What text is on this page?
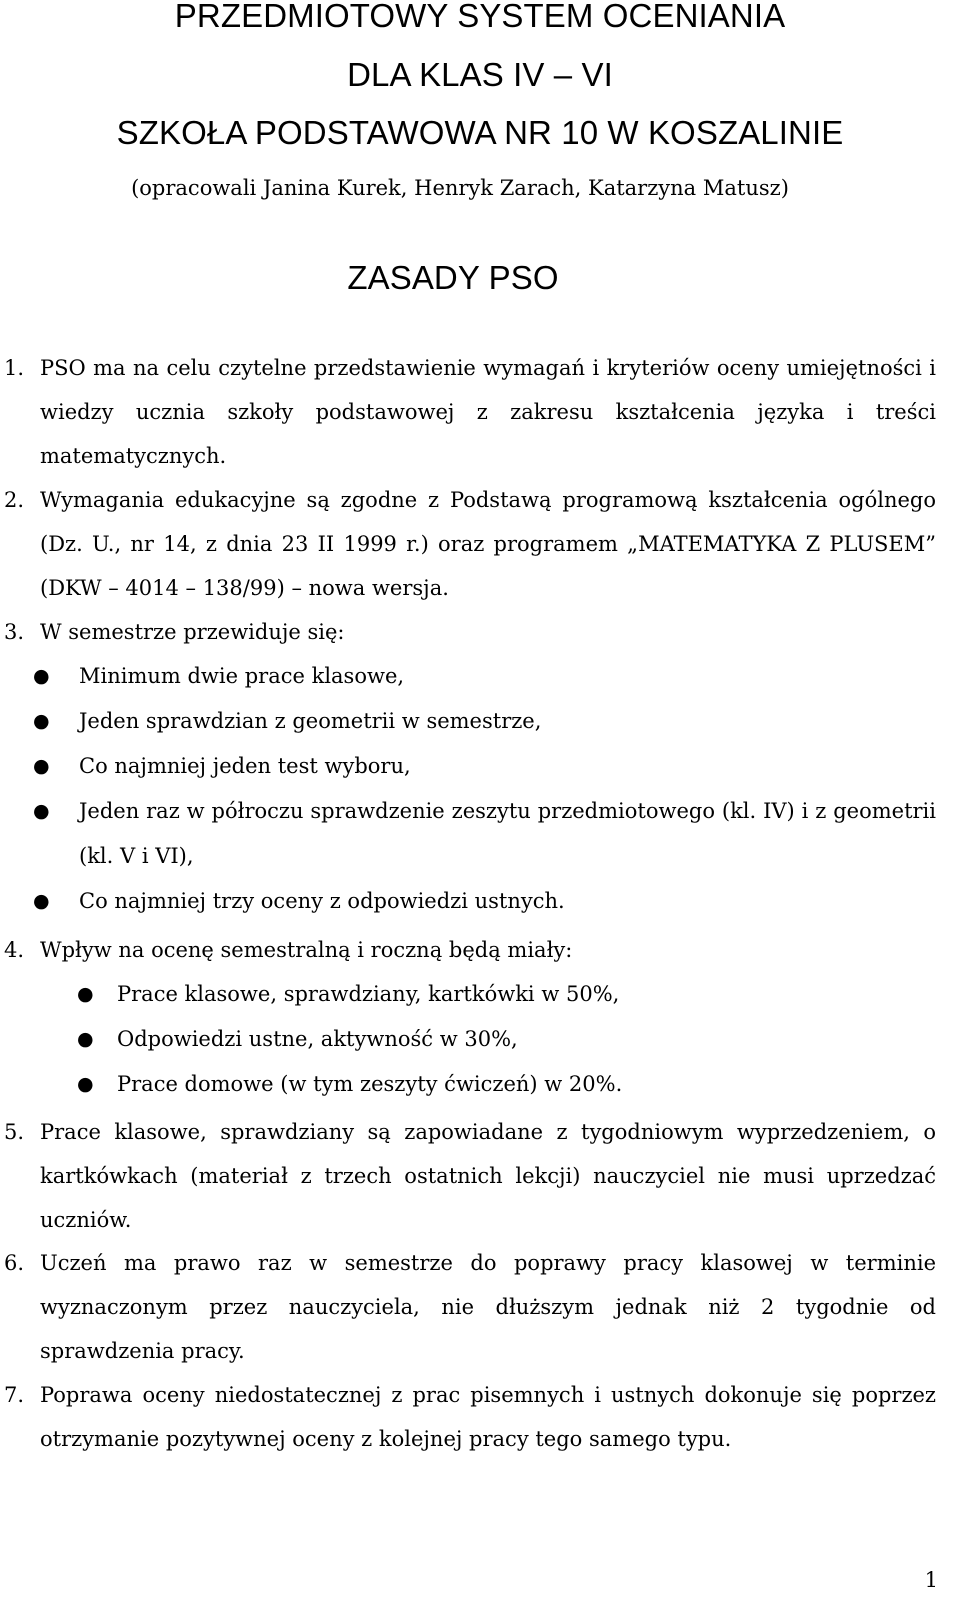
PRZEDMIOTOWY SYSTEM OCENIANIA
DLA KLAS IV – VI
SZKOŁA PODSTAWOWA NR 10 W KOSZALINIE
(opracowali Janina Kurek, Henryk Zarach, Katarzyna Matusz)
ZASADY PSO
1. PSO ma na celu czytelne przedstawienie wymagań i kryteriów oceny umiejętności i wiedzy ucznia szkoły podstawowej z zakresu kształcenia języka i treści matematycznych.
2. Wymagania edukacyjne są zgodne z Podstawą programową kształcenia ogólnego (Dz. U., nr 14, z dnia 23 II 1999 r.) oraz programem „MATEMATYKA Z PLUSEM” (DKW – 4014 – 138/99) – nowa wersja.
3. W semestrze przewiduje się:
● Minimum dwie prace klasowe,
● Jeden sprawdzian z geometrii w semestrze,
● Co najmniej jeden test wyboru,
● Jeden raz w półroczu sprawdzenie zeszytu przedmiotowego (kl. IV) i z geometrii (kl. V i VI),
● Co najmniej trzy oceny z odpowiedzi ustnych.
4. Wpływ na ocenę semestralną i roczną będą miały:
● Prace klasowe, sprawdziany, kartkówki w 50%,
● Odpowiedzi ustne, aktywność w 30%,
● Prace domowe (w tym zeszyty ćwiczeń) w 20%.
5. Prace klasowe, sprawdziany są zapowiadane z tygodniowym wyprzedzeniem, o kartkówkach (materiał z trzech ostatnich lekcji) nauczyciel nie musi uprzedzać uczniów.
6. Uczeń ma prawo raz w semestrze do poprawy pracy klasowej w terminie wyznaczonym przez nauczyciela, nie dłuższym jednak niż 2 tygodnie od sprawdzenia pracy.
7. Poprawa oceny niedostatecznej z prac pisemnych i ustnych dokonuje się poprzez otrzymanie pozytywnej oceny z kolejnej pracy tego samego typu.
1
